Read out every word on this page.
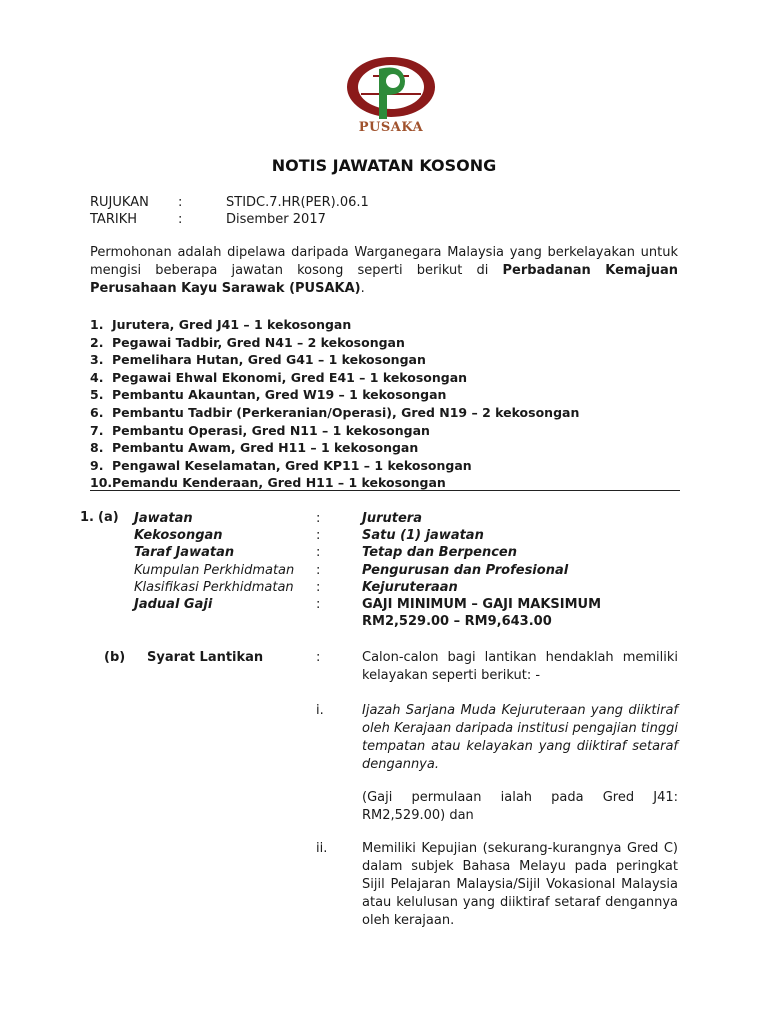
PUSAKA
NOTIS JAWATAN KOSONG
RUJUKAN :	STIDC.7.HR(PER).06.1
TARIKH	:	Disember 2017
Permohonan adalah dipelawa daripada Warganegara Malaysia yang berkelayakan untuk mengisi beberapa jawatan kosong seperti berikut di Perbadanan Kemajuan Perusahaan Kayu Sarawak (PUSAKA).
1. Jurutera, Gred J41 – 1 kekosongan
2. Pegawai Tadbir, Gred N41 – 2 kekosongan
3. Pemelihara Hutan, Gred G41 – 1 kekosongan
4. Pegawai Ehwal Ekonomi, Gred E41 – 1 kekosongan
5. Pembantu Akauntan, Gred W19 – 1 kekosongan
6. Pembantu Tadbir (Perkeranian/Operasi), Gred N19 – 2 kekosongan
7. Pembantu Operasi, Gred N11 – 1 kekosongan
8. Pembantu Awam, Gred H11 – 1 kekosongan
9. Pengawal Keselamatan, Gred KP11 – 1 kekosongan
10.Pemandu Kenderaan, Gred H11 – 1 kekosongan
1. (a) Jawatan	:	Jurutera
Kekosongan	:	Satu (1) jawatan
Taraf Jawatan	:	Tetap dan Berpencen
Kumpulan Perkhidmatan :	Pengurusan dan Profesional
Klasifikasi Perkhidmatan :	Kejuruteraan
Jadual Gaji	:	GAJI MINIMUM – GAJI MAKSIMUM
RM2,529.00 – RM9,643.00
(b) Syarat Lantikan	:	Calon-calon bagi lantikan hendaklah memiliki kelayakan seperti berikut: -
i.	Ijazah Sarjana Muda Kejuruteraan yang diiktiraf oleh Kerajaan daripada institusi pengajian tinggi tempatan atau kelayakan yang diiktiraf setaraf dengannya.
(Gaji permulaan ialah pada Gred J41: RM2,529.00) dan
ii.	Memiliki Kepujian (sekurang-kurangnya Gred C) dalam subjek Bahasa Melayu pada peringkat Sijil Pelajaran Malaysia/Sijil Vokasional Malaysia atau kelulusan yang diiktiraf setaraf dengannya oleh kerajaan.
